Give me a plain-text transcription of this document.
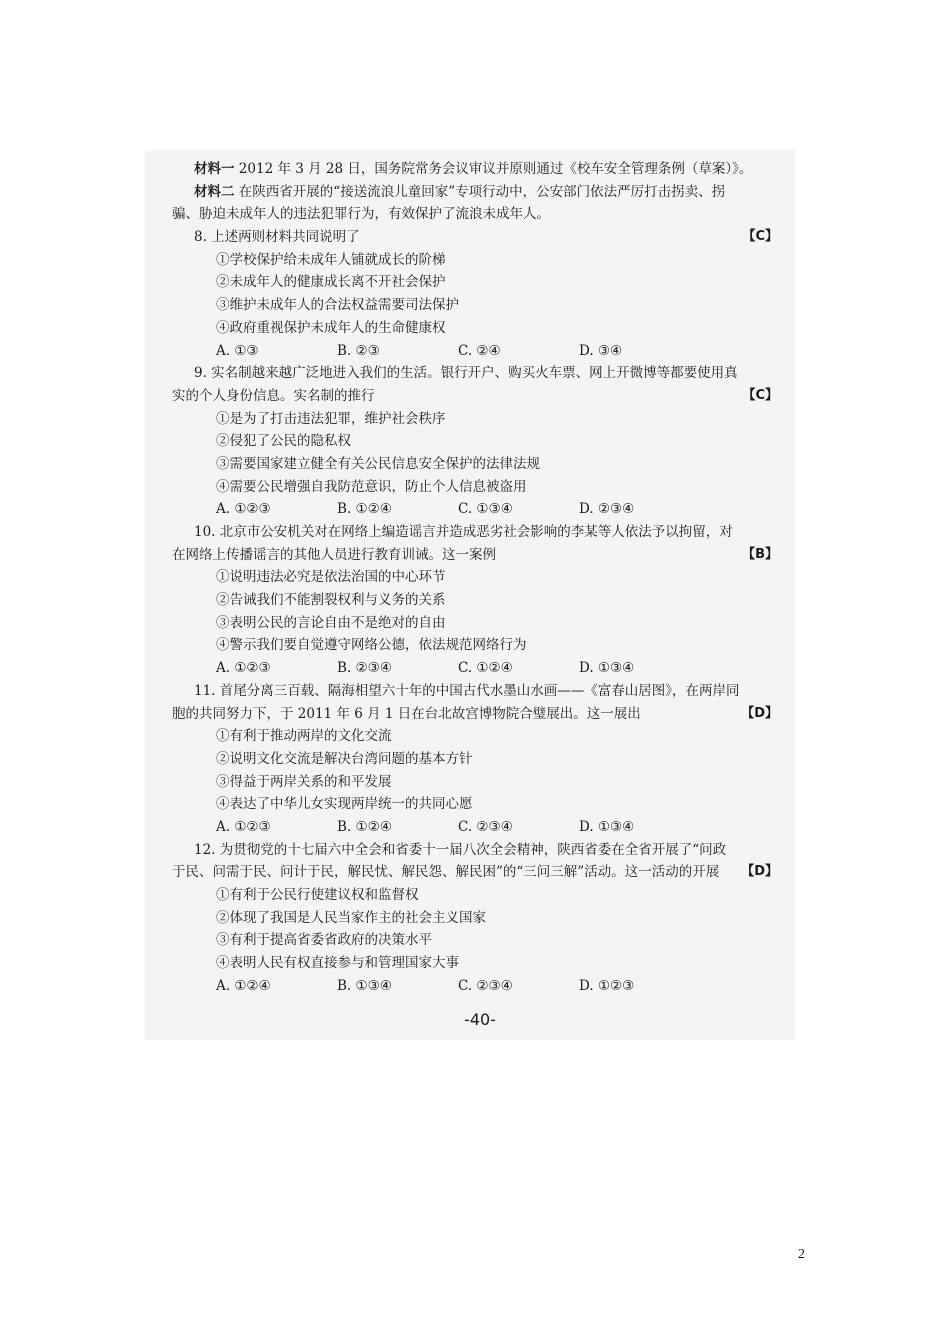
材料一 2012 年 3 月 28 日，国务院常务会议审议并原则通过《校车安全管理条例（草案）》。
材料二 在陕西省开展的“接送流浪儿童回家”专项行动中，公安部门依法严厉打击拐卖、拐
骗、胁迫未成年人的违法犯罪行为，有效保护了流浪未成年人。
8. 上述两则材料共同说明了	【C】
①学校保护给未成年人铺就成长的阶梯
②未成年人的健康成长离不开社会保护
③维护未成年人的合法权益需要司法保护
④政府重视保护未成年人的生命健康权
A. ①③	B. ②③	C. ②④	D. ③④
9. 实名制越来越广泛地进入我们的生活。银行开户、购买火车票、网上开微博等都要使用真
实的个人身份信息。实名制的推行	【C】
①是为了打击违法犯罪，维护社会秩序
②侵犯了公民的隐私权
③需要国家建立健全有关公民信息安全保护的法律法规
④需要公民增强自我防范意识，防止个人信息被盗用
A. ①②③	B. ①②④	C. ①③④	D. ②③④
10. 北京市公安机关对在网络上编造谣言并造成恶劣社会影响的李某等人依法予以拘留，对
在网络上传播谣言的其他人员进行教育训诫。这一案例	【B】
①说明违法必究是依法治国的中心环节
②告诫我们不能割裂权利与义务的关系
③表明公民的言论自由不是绝对的自由
④警示我们要自觉遵守网络公德，依法规范网络行为
A. ①②③	B. ②③④	C. ①②④	D. ①③④
11. 首尾分离三百载、隔海相望六十年的中国古代水墨山水画——《富春山居图》，在两岸同
胞的共同努力下，于 2011 年 6 月 1 日在台北故宫博物院合璧展出。这一展出	【D】
①有利于推动两岸的文化交流
②说明文化交流是解决台湾问题的基本方针
③得益于两岸关系的和平发展
④表达了中华儿女实现两岸统一的共同心愿
A. ①②③	B. ①②④	C. ②③④	D. ①③④
12. 为贯彻党的十七届六中全会和省委十一届八次全会精神，陕西省委在全省开展了“问政
于民、问需于民、问计于民，解民忧、解民怨、解民困”的“三问三解”活动。这一活动的开展 【D】
①有利于公民行使建议权和监督权
②体现了我国是人民当家作主的社会主义国家
③有利于提高省委省政府的决策水平
④表明人民有权直接参与和管理国家大事
A. ①②④	B. ①③④	C. ②③④	D. ①②③
-40-
2
